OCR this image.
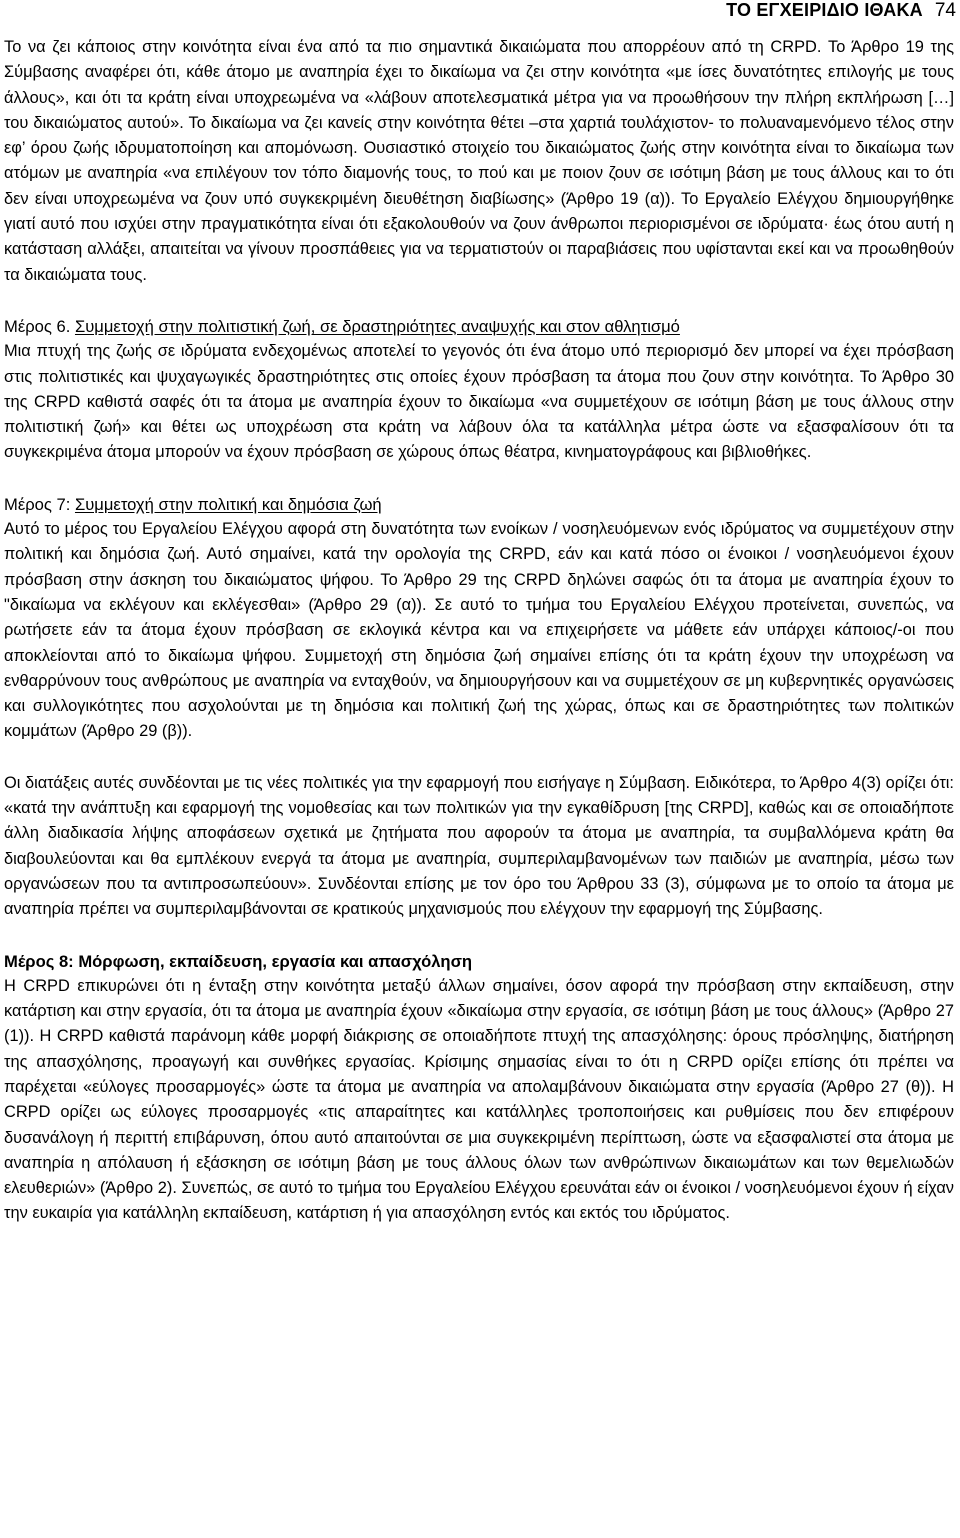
ΤΟ ΕΓΧΕΙΡΙΔΙΟ ΙΘΑΚΑ 74

Το να ζει κάποιος στην κοινότητα είναι ένα από τα πιο σημαντικά δικαιώματα που απορρέουν από τη CRPD. Το Άρθρο 19 της Σύμβασης αναφέρει ότι, κάθε άτομο με αναπηρία έχει το δικαίωμα να ζει στην κοινότητα «με ίσες δυνατότητες επιλογής με τους άλλους», και ότι τα κράτη είναι υποχρεωμένα να «λάβουν αποτελεσματικά μέτρα για να προωθήσουν την πλήρη εκπλήρωση […] του δικαιώματος αυτού». Το δικαίωμα να ζει κανείς στην κοινότητα θέτει –στα χαρτιά τουλάχιστον- το πολυαναμενόμενο τέλος στην εφ’ όρου ζωής ιδρυματοποίηση και απομόνωση. Ουσιαστικό στοιχείο του δικαιώματος ζωής στην κοινότητα είναι το δικαίωμα των ατόμων με αναπηρία «να επιλέγουν τον τόπο διαμονής τους, το πού και με ποιον ζουν σε ισότιμη βάση με τους άλλους και το ότι δεν είναι υποχρεωμένα να ζουν υπό συγκεκριμένη διευθέτηση διαβίωσης» (Άρθρο 19 (α)). Το Εργαλείο Ελέγχου δημιουργήθηκε γιατί αυτό που ισχύει στην πραγματικότητα είναι ότι εξακολουθούν να ζουν άνθρωποι περιορισμένοι σε ιδρύματα· έως ότου αυτή η κατάσταση αλλάξει, απαιτείται να γίνουν προσπάθειες για να τερματιστούν οι παραβιάσεις που υφίστανται εκεί και να προωθηθούν τα δικαιώματα τους.

Μέρος 6. Συμμετοχή στην πολιτιστική ζωή, σε δραστηριότητες αναψυχής και στον αθλητισμό

Μια πτυχή της ζωής σε ιδρύματα ενδεχομένως αποτελεί το γεγονός ότι ένα άτομο υπό περιορισμό δεν μπορεί να έχει πρόσβαση στις πολιτιστικές και ψυχαγωγικές δραστηριότητες στις οποίες έχουν πρόσβαση τα άτομα που ζουν στην κοινότητα. Το Άρθρο 30 της CRPD καθιστά σαφές ότι τα άτομα με αναπηρία έχουν το δικαίωμα «να συμμετέχουν σε ισότιμη βάση με τους άλλους στην πολιτιστική ζωή» και θέτει ως υποχρέωση στα κράτη να λάβουν όλα τα κατάλληλα μέτρα ώστε να εξασφαλίσουν ότι τα συγκεκριμένα άτομα μπορούν να έχουν πρόσβαση σε χώρους όπως θέατρα, κινηματογράφους και βιβλιοθήκες.

Μέρος 7: Συμμετοχή στην πολιτική και δημόσια ζωή

Αυτό το μέρος του Εργαλείου Ελέγχου αφορά στη δυνατότητα των ενοίκων / νοσηλευόμενων ενός ιδρύματος να συμμετέχουν στην πολιτική και δημόσια ζωή. Αυτό σημαίνει, κατά την ορολογία της CRPD, εάν και κατά πόσο οι ένοικοι / νοσηλευόμενοι έχουν πρόσβαση στην άσκηση του δικαιώματος ψήφου. Το Άρθρο 29 της CRPD δηλώνει σαφώς ότι τα άτομα με αναπηρία έχουν το "δικαίωμα να εκλέγουν και εκλέγεσθαι» (Άρθρο 29 (α)). Σε αυτό το τμήμα του Εργαλείου Ελέγχου προτείνεται, συνεπώς, να ρωτήσετε εάν τα άτομα έχουν πρόσβαση σε εκλογικά κέντρα και να επιχειρήσετε να μάθετε εάν υπάρχει κάποιος/-οι που αποκλείονται από το δικαίωμα ψήφου. Συμμετοχή στη δημόσια ζωή σημαίνει επίσης ότι τα κράτη έχουν την υποχρέωση να ενθαρρύνουν τους ανθρώπους με αναπηρία να ενταχθούν, να δημιουργήσουν και να συμμετέχουν σε μη κυβερνητικές οργανώσεις και συλλογικότητες που ασχολούνται με τη δημόσια και πολιτική ζωή της χώρας, όπως και σε δραστηριότητες των πολιτικών κομμάτων (Άρθρο 29 (β)).

Οι διατάξεις αυτές συνδέονται με τις νέες πολιτικές για την εφαρμογή που εισήγαγε η Σύμβαση. Ειδικότερα, το Άρθρο 4(3) ορίζει ότι: «κατά την ανάπτυξη και εφαρμογή της νομοθεσίας και των πολιτικών για την εγκαθίδρυση [της CRPD], καθώς και σε οποιαδήποτε άλλη διαδικασία λήψης αποφάσεων σχετικά με ζητήματα που αφορούν τα άτομα με αναπηρία, τα συμβαλλόμενα κράτη θα διαβουλεύονται και θα εμπλέκουν ενεργά τα άτομα με αναπηρία, συμπεριλαμβανομένων των παιδιών με αναπηρία, μέσω των οργανώσεων που τα αντιπροσωπεύουν». Συνδέονται επίσης με τον όρο του Άρθρου 33 (3), σύμφωνα με το οποίο τα άτομα με αναπηρία πρέπει να συμπεριλαμβάνονται σε κρατικούς μηχανισμούς που ελέγχουν την εφαρμογή της Σύμβασης.

Μέρος 8: Μόρφωση, εκπαίδευση, εργασία και απασχόληση

Η CRPD επικυρώνει ότι η ένταξη στην κοινότητα μεταξύ άλλων σημαίνει, όσον αφορά την πρόσβαση στην εκπαίδευση, στην κατάρτιση και στην εργασία, ότι τα άτομα με αναπηρία έχουν «δικαίωμα στην εργασία, σε ισότιμη βάση με τους άλλους» (Άρθρο 27 (1)). Η CRPD καθιστά παράνομη κάθε μορφή διάκρισης σε οποιαδήποτε πτυχή της απασχόλησης: όρους πρόσληψης, διατήρηση της απασχόλησης, προαγωγή και συνθήκες εργασίας. Κρίσιμης σημασίας είναι το ότι η CRPD ορίζει επίσης ότι πρέπει να παρέχεται «εύλογες προσαρμογές» ώστε τα άτομα με αναπηρία να απολαμβάνουν δικαιώματα στην εργασία (Άρθρο 27 (θ)). Η CRPD ορίζει ως εύλογες προσαρμογές «τις απαραίτητες και κατάλληλες τροποποιήσεις και ρυθμίσεις που δεν επιφέρουν δυσανάλογη ή περιττή επιβάρυνση, όπου αυτό απαιτούνται σε μια συγκεκριμένη περίπτωση, ώστε να εξασφαλιστεί στα άτομα με αναπηρία η απόλαυση ή εξάσκηση σε ισότιμη βάση με τους άλλους όλων των ανθρώπινων δικαιωμάτων και των θεμελιωδών ελευθεριών» (Άρθρο 2). Συνεπώς, σε αυτό το τμήμα του Εργαλείου Ελέγχου ερευνάται εάν οι ένοικοι / νοσηλευόμενοι έχουν ή είχαν την ευκαιρία για κατάλληλη εκπαίδευση, κατάρτιση ή για απασχόληση εντός και εκτός του ιδρύματος.
